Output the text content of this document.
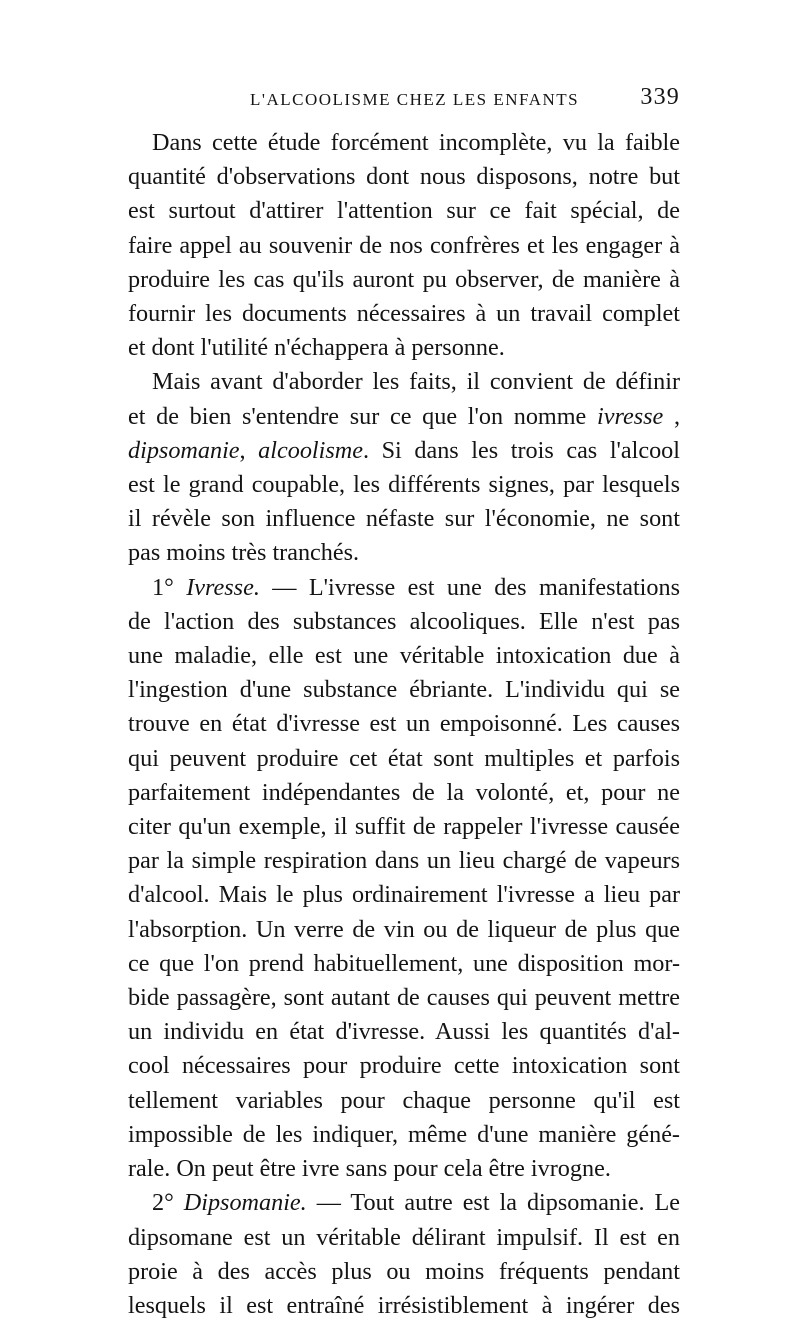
L'ALCOOLISME CHEZ LES ENFANTS	339

Dans cette étude forcément incomplète, vu la faible
quantité d'observations dont nous disposons, notre but
est surtout d'attirer l'attention sur ce fait spécial, de
faire appel au souvenir de nos confrères et les engager à
produire les cas qu'ils auront pu observer, de manière à
fournir les documents nécessaires à un travail complet
et dont l'utilité n'échappera à personne.

Mais avant d'aborder les faits, il convient de définir
et de bien s'entendre sur ce que l'on nomme ivresse ,
dipsomanie, alcoolisme. Si dans les trois cas l'alcool
est le grand coupable, les différents signes, par lesquels
il révèle son influence néfaste sur l'économie, ne sont
pas moins très tranchés.

1° Ivresse. — L'ivresse est une des manifestations
de l'action des substances alcooliques. Elle n'est pas
une maladie, elle est une véritable intoxication due à
l'ingestion d'une substance ébriante. L'individu qui se
trouve en état d'ivresse est un empoisonné. Les causes
qui peuvent produire cet état sont multiples et parfois
parfaitement indépendantes de la volonté, et, pour ne
citer qu'un exemple, il suffit de rappeler l'ivresse causée
par la simple respiration dans un lieu chargé de vapeurs
d'alcool. Mais le plus ordinairement l'ivresse a lieu par
l'absorption. Un verre de vin ou de liqueur de plus que
ce que l'on prend habituellement, une disposition mor-
bide passagère, sont autant de causes qui peuvent mettre
un individu en état d'ivresse. Aussi les quantités d'al-
cool nécessaires pour produire cette intoxication sont
tellement variables pour chaque personne qu'il est
impossible de les indiquer, même d'une manière géné-
rale. On peut être ivre sans pour cela être ivrogne.

2° Dipsomanie. — Tout autre est la dipsomanie. Le
dipsomane est un véritable délirant impulsif. Il est en
proie à des accès plus ou moins fréquents pendant
lesquels il est entraîné irrésistiblement à ingérer des
